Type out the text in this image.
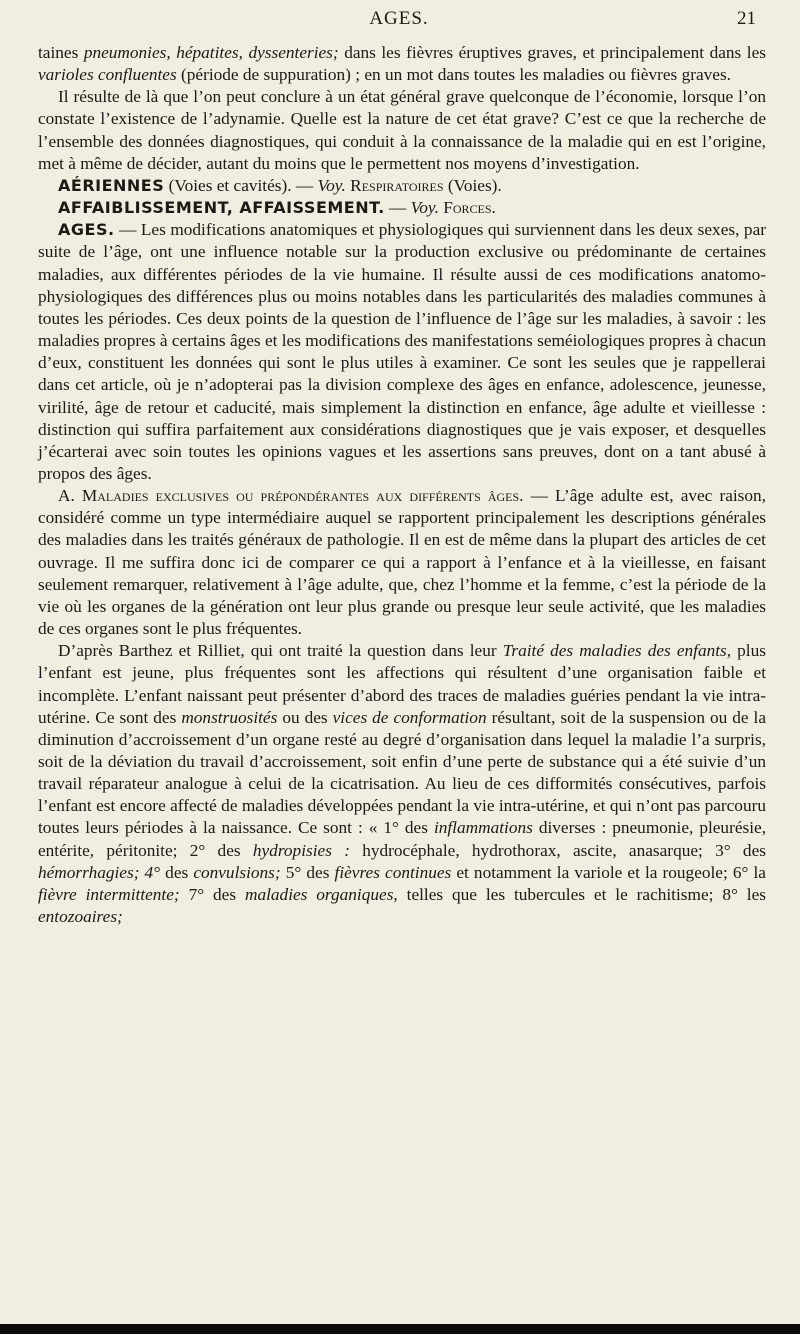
AGES.	21

taines pneumonies, hépatites, dyssenteries; dans les fièvres éruptives graves, et principalement dans les varioles confluentes (période de suppuration) ; en un mot dans toutes les maladies ou fièvres graves.

Il résulte de là que l’on peut conclure à un état général grave quelconque de l’économie, lorsque l’on constate l’existence de l’adynamie. Quelle est la nature de cet état grave? C’est ce que la recherche de l’ensemble des données diagnostiques, qui conduit à la connaissance de la maladie qui en est l’origine, met à même de décider, autant du moins que le permettent nos moyens d’investigation.

AÉRIENNES (Voies et cavités). — Voy. Respiratoires (Voies).

AFFAIBLISSEMENT, AFFAISSEMENT. — Voy. Forces.

AGES. — Les modifications anatomiques et physiologiques qui surviennent dans les deux sexes, par suite de l’âge, ont une influence notable sur la production exclusive ou prédominante de certaines maladies, aux différentes périodes de la vie humaine. Il résulte aussi de ces modifications anatomo-physiologiques des différences plus ou moins notables dans les particularités des maladies communes à toutes les périodes. Ces deux points de la question de l’influence de l’âge sur les maladies, à savoir : les maladies propres à certains âges et les modifications des manifestations seméiologiques propres à chacun d’eux, constituent les données qui sont le plus utiles à examiner. Ce sont les seules que je rappellerai dans cet article, où je n’adopterai pas la division complexe des âges en enfance, adolescence, jeunesse, virilité, âge de retour et caducité, mais simplement la distinction en enfance, âge adulte et vieillesse : distinction qui suffira parfaitement aux considérations diagnostiques que je vais exposer, et desquelles j’écarterai avec soin toutes les opinions vagues et les assertions sans preuves, dont on a tant abusé à propos des âges.

A. Maladies exclusives ou prépondérantes aux différents âges. — L’âge adulte est, avec raison, considéré comme un type intermédiaire auquel se rapportent principalement les descriptions générales des maladies dans les traités généraux de pathologie. Il en est de même dans la plupart des articles de cet ouvrage. Il me suffira donc ici de comparer ce qui a rapport à l’enfance et à la vieillesse, en faisant seulement remarquer, relativement à l’âge adulte, que, chez l’homme et la femme, c’est la période de la vie où les organes de la génération ont leur plus grande ou presque leur seule activité, que les maladies de ces organes sont le plus fréquentes.

D’après Barthez et Rilliet, qui ont traité la question dans leur Traité des maladies des enfants, plus l’enfant est jeune, plus fréquentes sont les affections qui résultent d’une organisation faible et incomplète. L’enfant naissant peut présenter d’abord des traces de maladies guéries pendant la vie intra-utérine. Ce sont des monstruosités ou des vices de conformation résultant, soit de la suspension ou de la diminution d’accroissement d’un organe resté au degré d’organisation dans lequel la maladie l’a surpris, soit de la déviation du travail d’accroissement, soit enfin d’une perte de substance qui a été suivie d’un travail réparateur analogue à celui de la cicatrisation. Au lieu de ces difformités consécutives, parfois l’enfant est encore affecté de maladies développées pendant la vie intra-utérine, et qui n’ont pas parcouru toutes leurs périodes à la naissance. Ce sont : « 1° des inflammations diverses : pneumonie, pleurésie, entérite, péritonite; 2° des hydropisies : hydrocéphale, hydrothorax, ascite, anasarque; 3° des hémorrhagies; 4° des convulsions; 5° des fièvres continues et notamment la variole et la rougeole; 6° la fièvre intermittente; 7° des maladies organiques, telles que les tubercules et le rachitisme; 8° les entozoaires;
